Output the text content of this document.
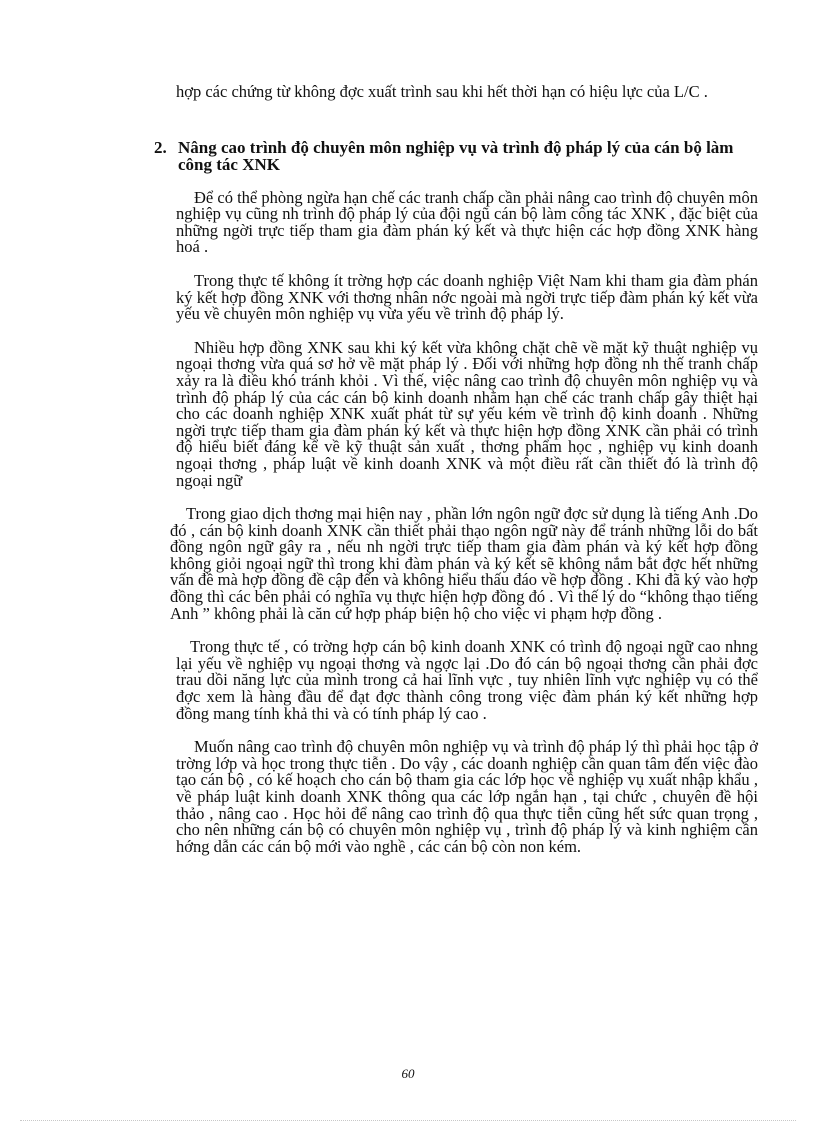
hợp các chứng từ không đợc xuất trình sau khi hết thời hạn có hiệu lực của L/C .

2. Nâng cao trình độ chuyên môn nghiệp vụ và trình độ pháp lý của cán bộ làm công tác XNK

Để có thể phòng ngừa hạn chế các tranh chấp cần phải nâng cao trình độ chuyên môn nghiệp vụ cũng nh trình độ pháp lý của đội ngũ cán bộ làm công tác XNK , đặc biệt của những ngời trực tiếp tham gia đàm phán ký kết và thực hiện các hợp đồng XNK hàng hoá .

Trong thực tế không ít trờng hợp các doanh nghiệp Việt Nam khi tham gia đàm phán ký kết hợp đồng XNK với thơng nhân nớc ngoài mà ngời trực tiếp đàm phán ký kết vừa yếu về chuyên môn nghiệp vụ vừa yếu về trình độ pháp lý.

Nhiều hợp đồng XNK sau khi ký kết vừa không chặt chẽ về mặt kỹ thuật nghiệp vụ ngoại thơng vừa quá sơ hở về mặt pháp lý . Đối với những hợp đồng nh thế tranh chấp xảy ra là điều khó tránh khỏi . Vì thế, việc nâng cao trình độ chuyên môn nghiệp vụ và trình độ pháp lý của các cán bộ kinh doanh nhằm hạn chế các tranh chấp gây thiệt hại cho các doanh nghiệp XNK xuất phát từ sự yếu kém về trình độ kinh doanh . Những ngời trực tiếp tham gia đàm phán ký kết và thực hiện hợp đồng XNK cần phải có trình độ hiểu biết đáng kể về kỹ thuật sản xuất , thơng phẩm học , nghiệp vụ kinh doanh ngoại thơng , pháp luật về kinh doanh XNK và một điều rất cần thiết đó là trình độ ngoại ngữ

Trong giao dịch thơng mại hiện nay , phần lớn ngôn ngữ đợc sử dụng là tiếng Anh .Do đó , cán bộ kinh doanh XNK cần thiết phải thạo ngôn ngữ này để tránh những lỗi do bất đồng ngôn ngữ gây ra , nếu nh ngời trực tiếp tham gia đàm phán và ký kết hợp đồng không giỏi ngoại ngữ thì trong khi đàm phán và ký kết sẽ không nắm bắt đợc hết những vấn đề mà hợp đồng đề cập đến và không hiểu thấu đáo về hợp đồng . Khi đã ký vào hợp đồng thì các bên phải có nghĩa vụ thực hiện hợp đồng đó . Vì thế lý do “không thạo tiếng Anh ” không phải là căn cứ hợp pháp biện hộ cho việc vi phạm hợp đồng .

Trong thực tế , có trờng hợp cán bộ kinh doanh XNK có trình độ ngoại ngữ cao nhng lại yếu về nghiệp vụ ngoại thơng và ngợc lại .Do đó cán bộ ngoại thơng cần phải đợc trau dồi năng lực của mình trong cả hai lĩnh vực , tuy nhiên lĩnh vực nghiệp vụ có thể đợc xem là hàng đầu để đạt đợc thành công trong việc đàm phán ký kết những hợp đồng mang tính khả thi và có tính pháp lý cao .

Muốn nâng cao trình độ chuyên môn nghiệp vụ và trình độ pháp lý thì phải học tập ở trờng lớp và học trong thực tiễn . Do vậy , các doanh nghiệp cần quan tâm đến việc đào tạo cán bộ , có kế hoạch cho cán bộ tham gia các lớp học về nghiệp vụ xuất nhập khẩu , về pháp luật kinh doanh XNK thông qua các lớp ngắn hạn , tại chức , chuyên đề hội thảo , nâng cao . Học hỏi để nâng cao trình độ qua thực tiễn cũng hết sức quan trọng , cho nên những cán bộ có chuyên môn nghiệp vụ , trình độ pháp lý và kinh nghiệm cần hớng dẫn các cán bộ mới vào nghề , các cán bộ còn non kém.

60
